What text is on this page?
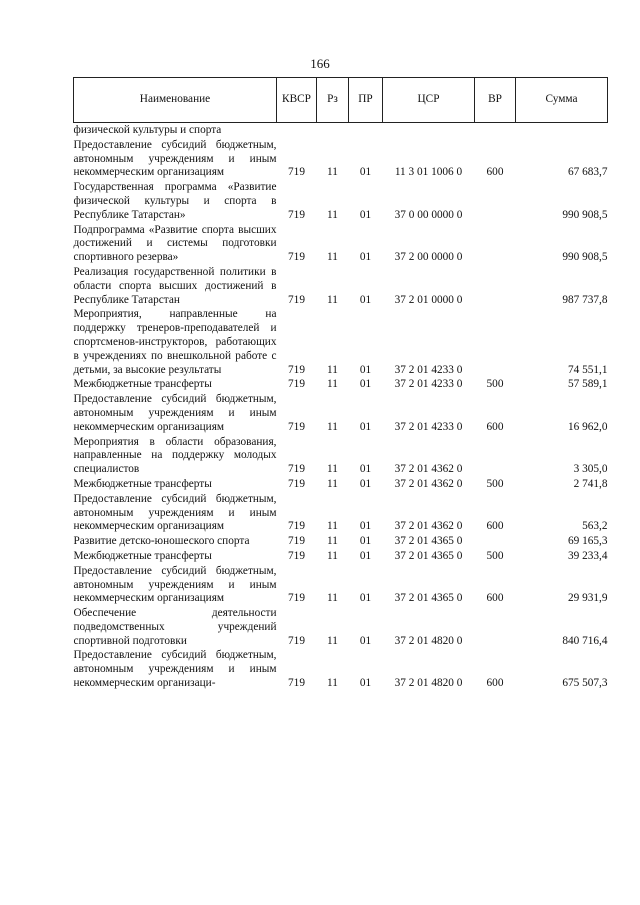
166
Наименование	КВСР	Рз	ПР	ЦСР	ВР	Сумма
физической культуры и спорта						
Предоставление субсидий бюджетным, автономным учреждениям и иным некоммерческим организациям	719	11	01	11 3 01 1006 0	600	67 683,7
Государственная программа «Развитие физической культуры и спорта в Республике Татарстан»	719	11	01	37 0 00 0000 0		990 908,5
Подпрограмма «Развитие спорта высших достижений и системы подготовки спортивного резерва»	719	11	01	37 2 00 0000 0		990 908,5
Реализация государственной политики в области спорта высших достижений в Республике Татарстан	719	11	01	37 2 01 0000 0		987 737,8
Мероприятия, направленные на поддержку тренеров-преподавателей и спортсменов-инструкторов, работающих в учреждениях по внешкольной работе с детьми, за высокие результаты	719	11	01	37 2 01 4233 0		74 551,1
Межбюджетные трансферты	719	11	01	37 2 01 4233 0	500	57 589,1
Предоставление субсидий бюджетным, автономным учреждениям и иным некоммерческим организациям	719	11	01	37 2 01 4233 0	600	16 962,0
Мероприятия в области образования, направленные на поддержку молодых специалистов	719	11	01	37 2 01 4362 0		3 305,0
Межбюджетные трансферты	719	11	01	37 2 01 4362 0	500	2 741,8
Предоставление субсидий бюджетным, автономным учреждениям и иным некоммерческим организациям	719	11	01	37 2 01 4362 0	600	563,2
Развитие детско-юношеского спорта	719	11	01	37 2 01 4365 0		69 165,3
Межбюджетные трансферты	719	11	01	37 2 01 4365 0	500	39 233,4
Предоставление субсидий бюджетным, автономным учреждениям и иным некоммерческим организациям	719	11	01	37 2 01 4365 0	600	29 931,9
Обеспечение деятельности подведомственных учреждений спортивной подготовки	719	11	01	37 2 01 4820 0		840 716,4
Предоставление субсидий бюджетным, автономным учреждениям и иным некоммерческим организаци-	719	11	01	37 2 01 4820 0	600	675 507,3
